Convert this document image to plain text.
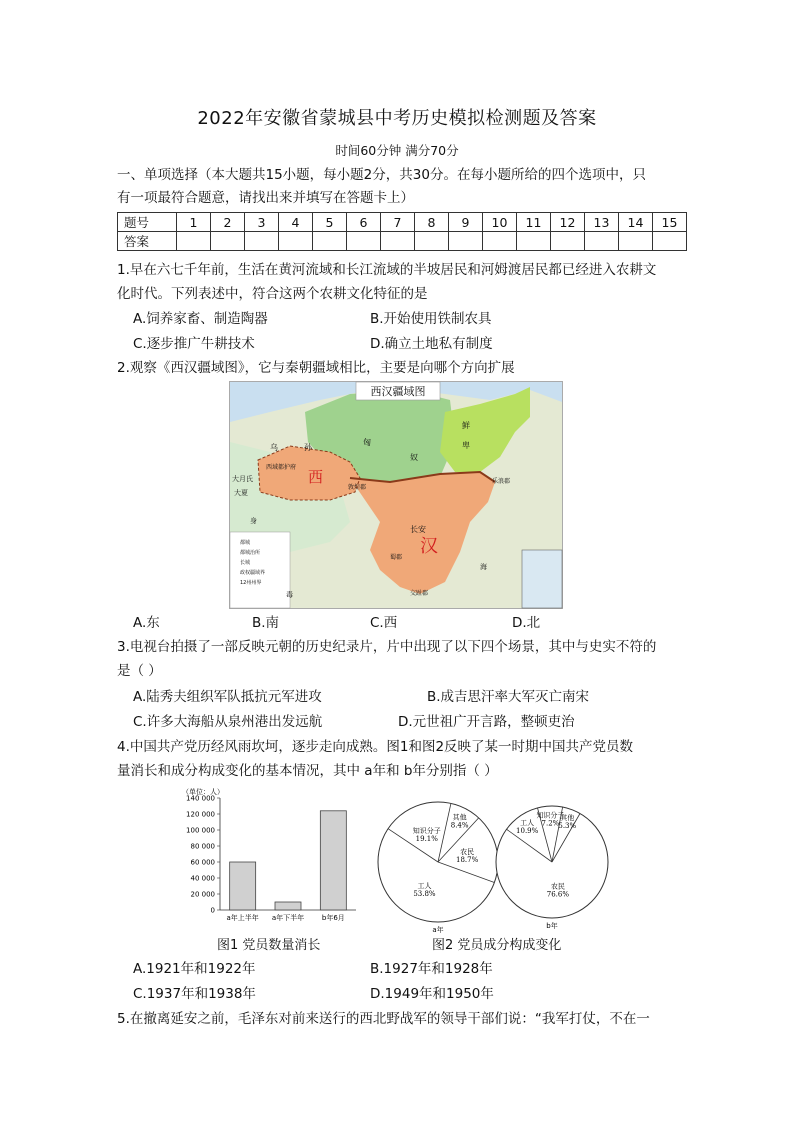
2022年安徽省蒙城县中考历史模拟检测题及答案
时间60分钟 满分70分
一、单项选择（本大题共15小题，每小题2分，共30分。在每小题所给的四个选项中，只
有一项最符合题意，请找出来并填写在答题卡上）
题号	1	2	3	4	5	6	7	8	9	10	11	12	13	14	15
答案															
1.早在六七千年前，生活在黄河流域和长江流域的半坡居民和河姆渡居民都已经进入农耕文
化时代。下列表述中，符合这两个农耕文化特征的是
A.饲养家畜、制造陶器	B.开始使用铁制农具
C.逐步推广牛耕技术	D.确立土地私有制度
2.观察《西汉疆域图》，它与秦朝疆域相比，主要是向哪个方向扩展
西汉疆域图
乌	孙
匈
奴
鲜
卑
西域都护府
大月氏
大夏
身
毒
西
汉
长安
敦煌郡
乐浪郡
蜀郡
交趾郡
海
都城
都城治所
长城
政权疆域界
12州州界
A.东	B.南	C.西	D.北
3.电视台拍摄了一部反映元朝的历史纪录片，片中出现了以下四个场景，其中与史实不符的
是（ ）
A.陆秀夫组织军队抵抗元军进攻	B.成吉思汗率大军灭亡南宋
C.许多大海船从泉州港出发远航	D.元世祖广开言路，整顿吏治
4.中国共产党历经风雨坎坷，逐步走向成熟。图1和图2反映了某一时期中国共产党员数
量消长和成分构成变化的基本情况，其中 a年和 b年分别指（ ）
（单位：人）
0
20 000
40 000
60 000
80 000
100 000
120 000
140 000
a年上半年 a年下半年	b年6月
工人
53.8%
知识分子
19.1%
其他
8.4%
农民
18.7%
a年
农民
76.6%
工人
10.9%
知识分子
7.2%
其他
5.3%
b年
图1 党员数量消长	图2 党员成分构成变化
A.1921年和1922年	B.1927年和1928年
C.1937年和1938年	D.1949年和1950年
5.在撤离延安之前，毛泽东对前来送行的西北野战军的领导干部们说：“我军打仗，不在一
